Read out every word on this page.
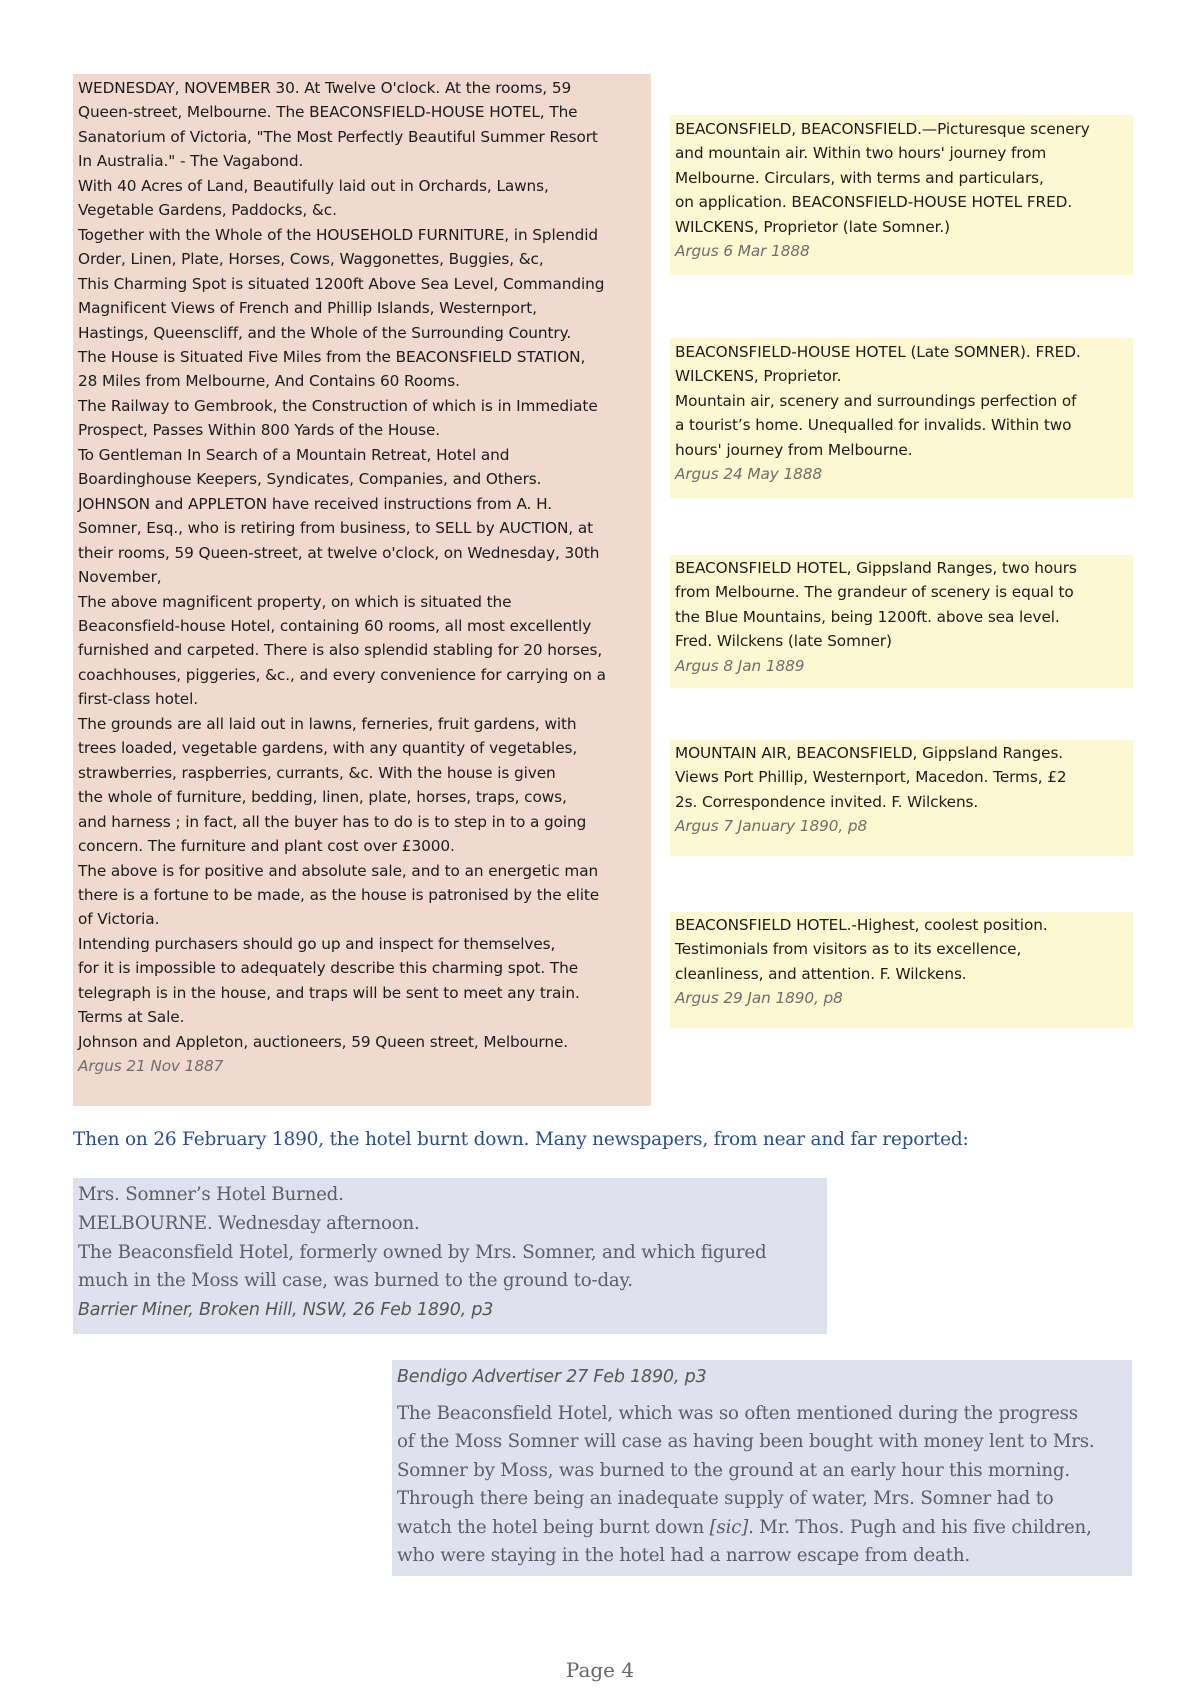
WEDNESDAY, NOVEMBER 30. At Twelve O'clock. At the rooms, 59
Queen-street, Melbourne. The BEACONSFIELD-HOUSE HOTEL, The
Sanatorium of Victoria, "The Most Perfectly Beautiful Summer Resort
In Australia." - The Vagabond.
With 40 Acres of Land, Beautifully laid out in Orchards, Lawns,
Vegetable Gardens, Paddocks, &c.
Together with the Whole of the HOUSEHOLD FURNITURE, in Splendid
Order, Linen, Plate, Horses, Cows, Waggonettes, Buggies, &c,
This Charming Spot is situated 1200ft Above Sea Level, Commanding
Magnificent Views of French and Phillip Islands, Westernport,
Hastings, Queenscliff, and the Whole of the Surrounding Country.
The House is Situated Five Miles from the BEACONSFIELD STATION,
28 Miles from Melbourne, And Contains 60 Rooms.
The Railway to Gembrook, the Construction of which is in Immediate
Prospect, Passes Within 800 Yards of the House.
To Gentleman In Search of a Mountain Retreat, Hotel and
Boardinghouse Keepers, Syndicates, Companies, and Others.
JOHNSON and APPLETON have received instructions from A. H.
Somner, Esq., who is retiring from business, to SELL by AUCTION, at
their rooms, 59 Queen-street, at twelve o'clock, on Wednesday, 30th
November,
The above magnificent property, on which is situated the
Beaconsfield-house Hotel, containing 60 rooms, all most excellently
furnished and carpeted. There is also splendid stabling for 20 horses,
coachhouses, piggeries, &c., and every convenience for carrying on a
first-class hotel.
The grounds are all laid out in lawns, ferneries, fruit gardens, with
trees loaded, vegetable gardens, with any quantity of vegetables,
strawberries, raspberries, currants, &c. With the house is given
the whole of furniture, bedding, linen, plate, horses, traps, cows,
and harness ; in fact, all the buyer has to do is to step in to a going
concern. The furniture and plant cost over £3000.
The above is for positive and absolute sale, and to an energetic man
there is a fortune to be made, as the house is patronised by the elite
of Victoria.
Intending purchasers should go up and inspect for themselves,
for it is impossible to adequately describe this charming spot. The
telegraph is in the house, and traps will be sent to meet any train.
Terms at Sale.
Johnson and Appleton, auctioneers, 59 Queen street, Melbourne.
Argus 21 Nov 1887
BEACONSFIELD, BEACONSFIELD.—Picturesque scenery
and mountain air. Within two hours' journey from
Melbourne. Circulars, with terms and particulars,
on application. BEACONSFIELD-HOUSE HOTEL FRED.
WILCKENS, Proprietor (late Somner.)
Argus 6 Mar 1888
BEACONSFIELD-HOUSE HOTEL (Late SOMNER). FRED.
WILCKENS, Proprietor.
Mountain air, scenery and surroundings perfection of
a tourist’s home. Unequalled for invalids. Within two
hours' journey from Melbourne.
Argus 24 May 1888
BEACONSFIELD HOTEL, Gippsland Ranges, two hours
from Melbourne. The grandeur of scenery is equal to
the Blue Mountains, being 1200ft. above sea level.
Fred. Wilckens (late Somner)
Argus 8 Jan 1889
MOUNTAIN AIR, BEACONSFIELD, Gippsland Ranges.
Views Port Phillip, Westernport, Macedon. Terms, £2
2s. Correspondence invited. F. Wilckens.
Argus 7 January 1890, p8
BEACONSFIELD HOTEL.-Highest, coolest position.
Testimonials from visitors as to its excellence,
cleanliness, and attention. F. Wilckens.
Argus 29 Jan 1890, p8
Then on 26 February 1890, the hotel burnt down. Many newspapers, from near and far reported:
Mrs. Somner’s Hotel Burned.
MELBOURNE. Wednesday afternoon.
The Beaconsfield Hotel, formerly owned by Mrs. Somner, and which figured
much in the Moss will case, was burned to the ground to-day.
Barrier Miner, Broken Hill, NSW, 26 Feb 1890, p3
Bendigo Advertiser 27 Feb 1890, p3
The Beaconsfield Hotel, which was so often mentioned during the progress
of the Moss Somner will case as having been bought with money lent to Mrs.
Somner by Moss, was burned to the ground at an early hour this morning.
Through there being an inadequate supply of water, Mrs. Somner had to
watch the hotel being burnt down [sic]. Mr. Thos. Pugh and his five children,
who were staying in the hotel had a narrow escape from death.
Page 4
